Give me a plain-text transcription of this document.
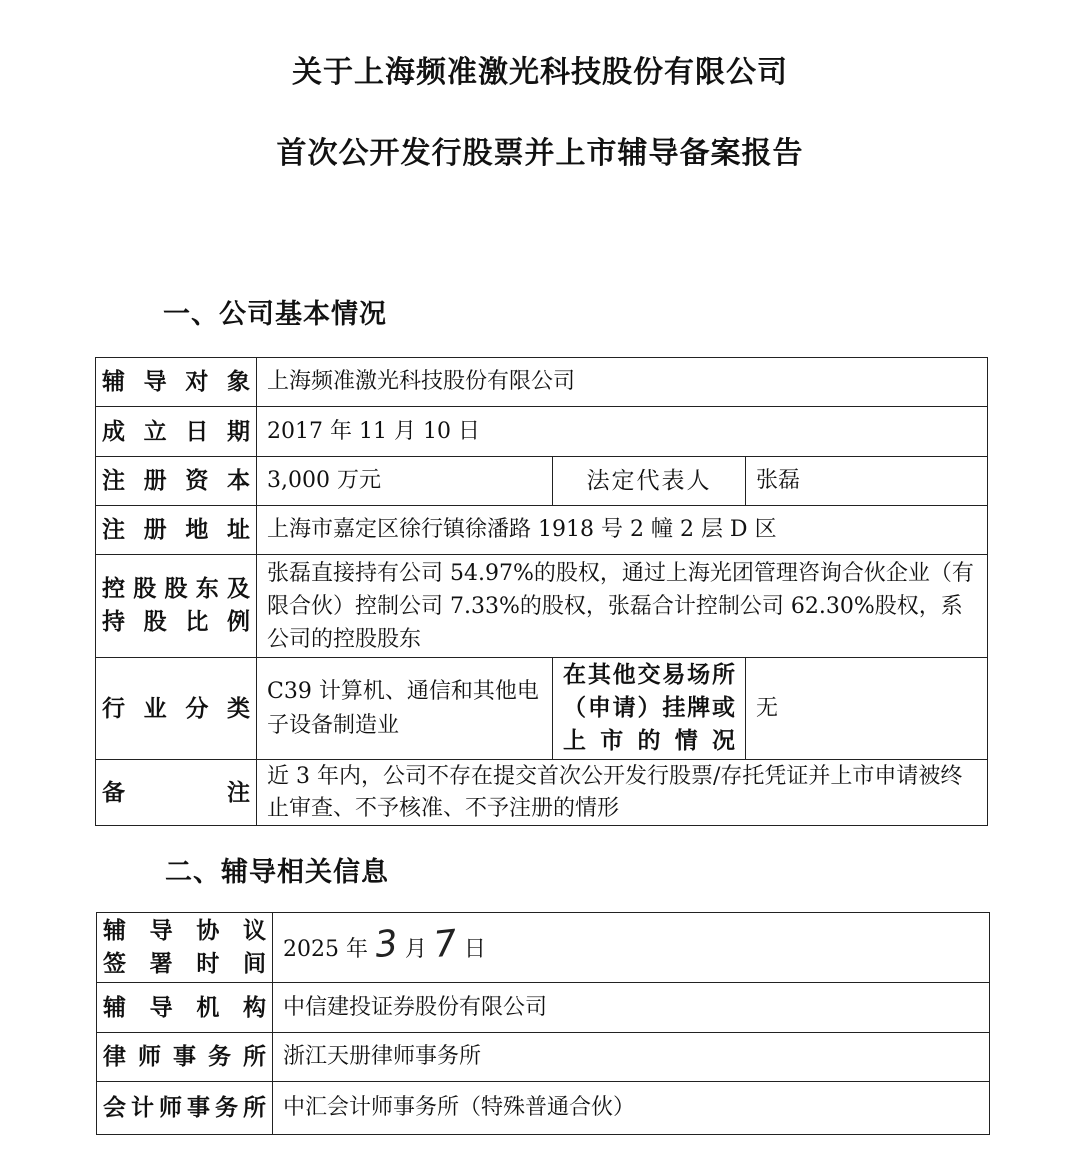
关于上海频准激光科技股份有限公司
首次公开发行股票并上市辅导备案报告
一、公司基本情况
辅导对象	上海频准激光科技股份有限公司		
成立日期	2017 年 11 月 10 日		
注册资本	3,000 万元	法定代表人	张磊
注册地址	上海市嘉定区徐行镇徐潘路 1918 号 2 幢 2 层 D 区		

控股股东及
持股比例	张磊直接持有公司 54.97%的股权，通过上海光团管理咨询合伙企业（有限合伙）控制公司 7.33%的股权，张磊合计控制公司 62.30%股权，系公司的控股股东		
行业分类	C39 计算机、通信和其他电子设备制造业	在其他交易场所（申请）挂牌或上市的情况	无
备 注	近 3 年内，公司不存在提交首次公开发行股票/存托凭证并上市申请被终止审查、不予核准、不予注册的情形		
二、辅导相关信息
辅导协议
签署时间	2025 年 3 月 7 日
辅导机构	中信建投证券股份有限公司
律师事务所	浙江天册律师事务所
会计师事务所	中汇会计师事务所（特殊普通合伙）
